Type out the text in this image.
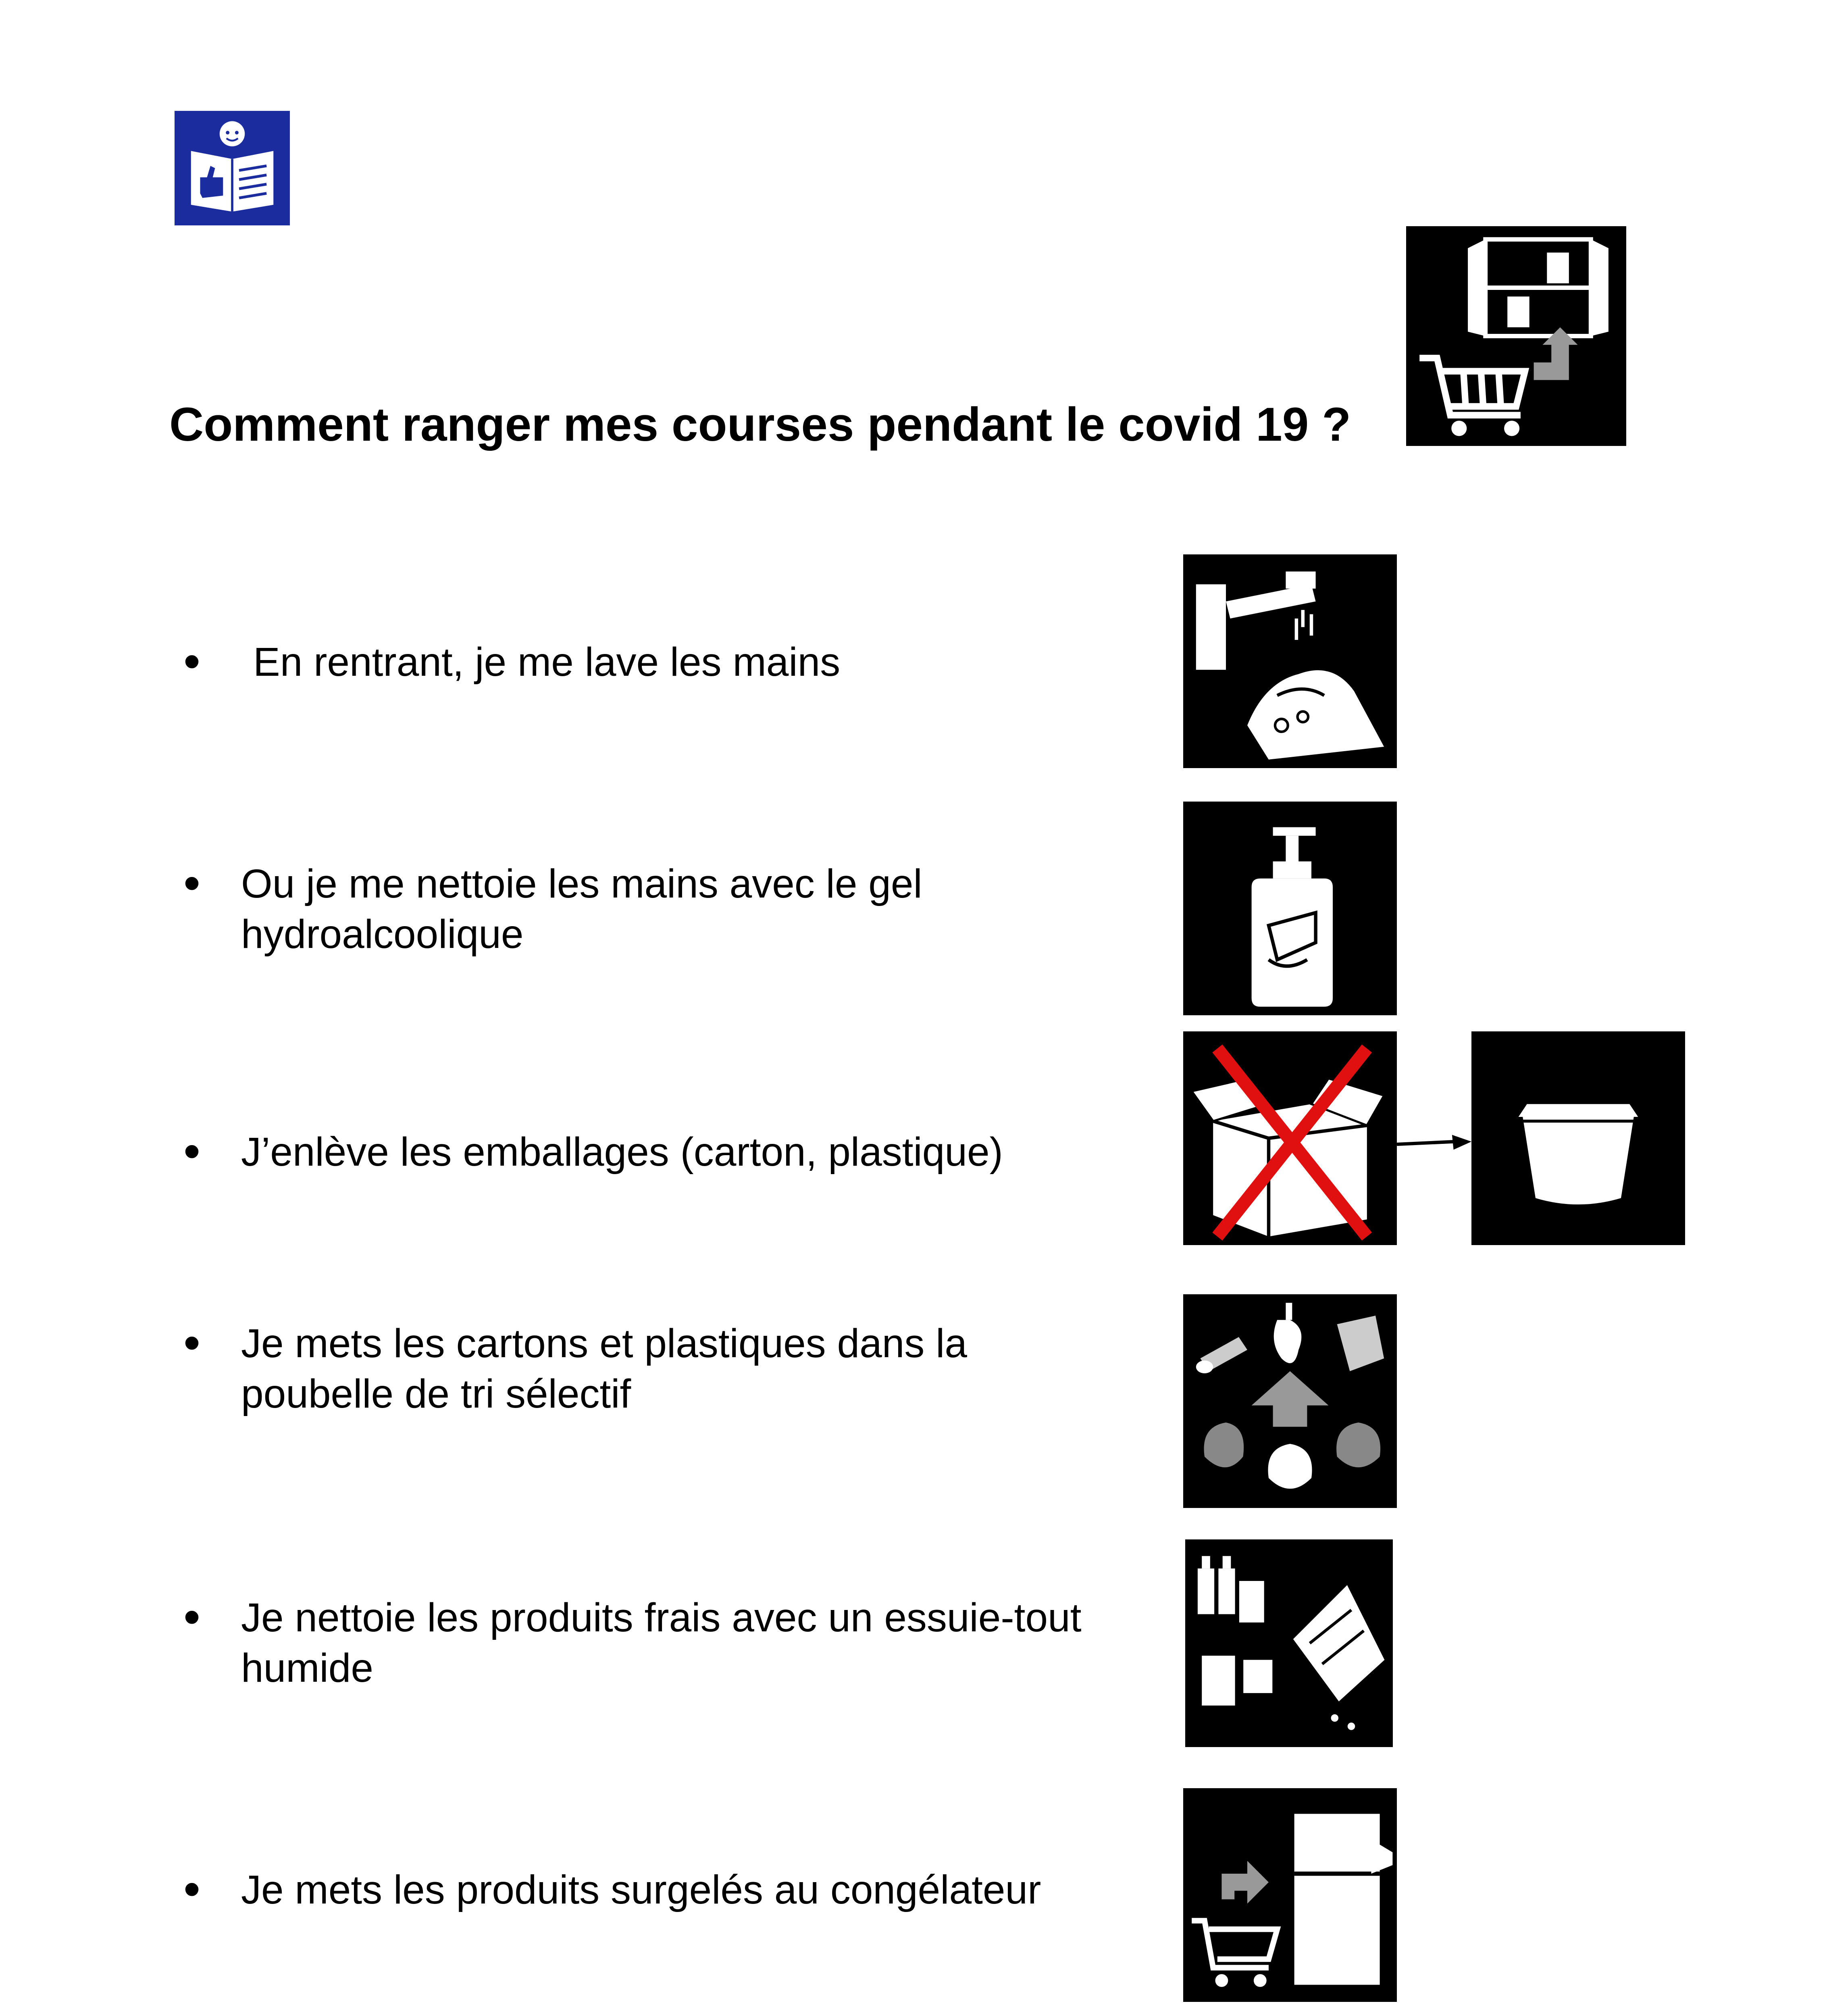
Comment ranger mes courses pendant le covid 19 ?
• En rentrant, je me lave les mains
• Ou je me nettoie les mains avec le gel
hydroalcoolique
• J’enlève les emballages (carton, plastique)
• Je mets les cartons et plastiques dans la
poubelle de tri sélectif
• Je nettoie les produits frais avec un essuie-tout
humide
• Je mets les produits surgelés au congélateur
